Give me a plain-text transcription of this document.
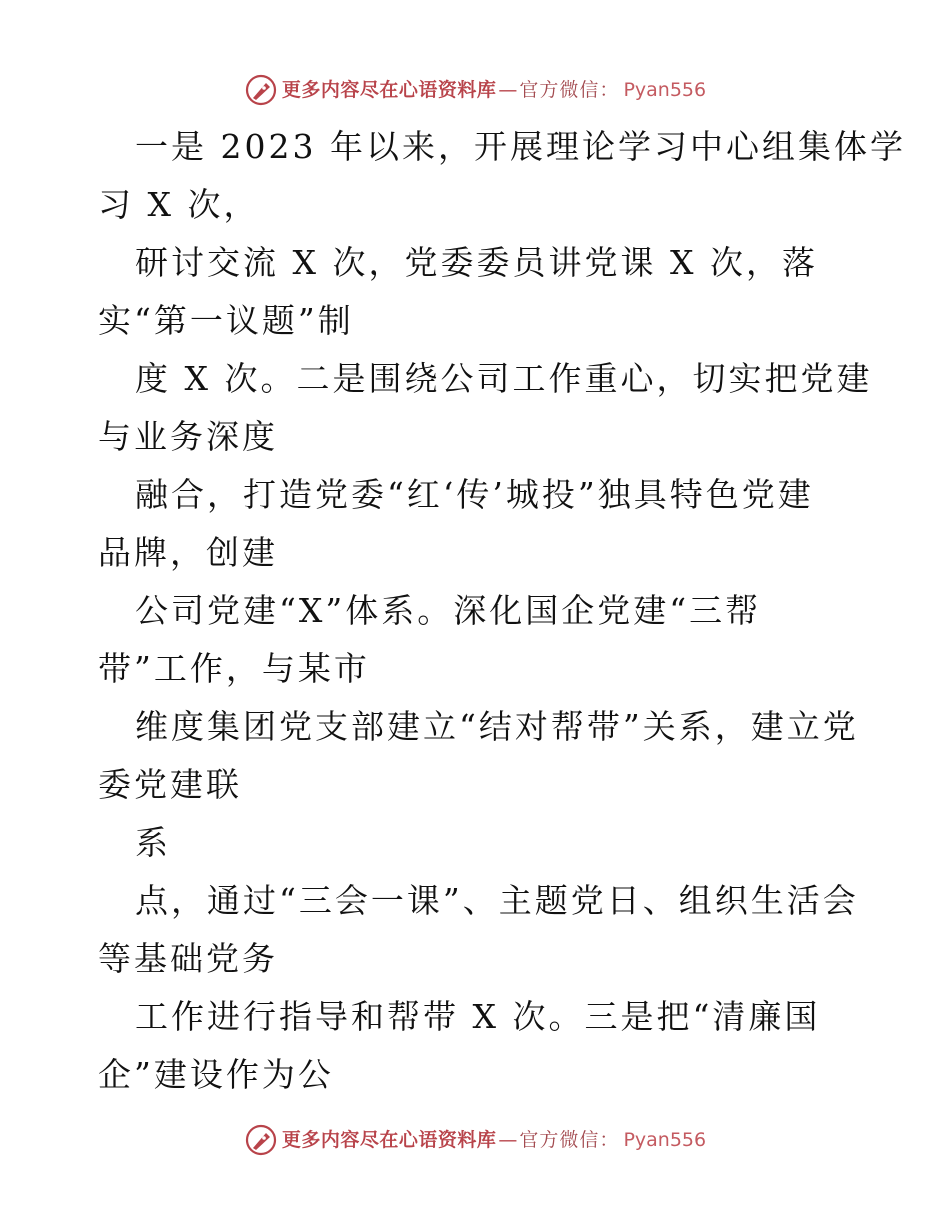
更多内容尽在心语资料库 — 官方微信： Pyan556
一是 2023 年以来，开展理论学习中心组集体学
习 X 次，
研讨交流 X 次，党委委员讲党课 X 次，落
实“第一议题”制
度 X 次。二是围绕公司工作重心，切实把党建
与业务深度
融合，打造党委“红‘传’城投”独具特色党建
品牌，创建
公司党建“X”体系。深化国企党建“三帮
带”工作，与某市
维度集团党支部建立“结对帮带”关系，建立党
委党建联
系
点，通过“三会一课”、主题党日、组织生活会
等基础党务
工作进行指导和帮带 X 次。三是把“清廉国
企”建设作为公
更多内容尽在心语资料库 — 官方微信： Pyan556
